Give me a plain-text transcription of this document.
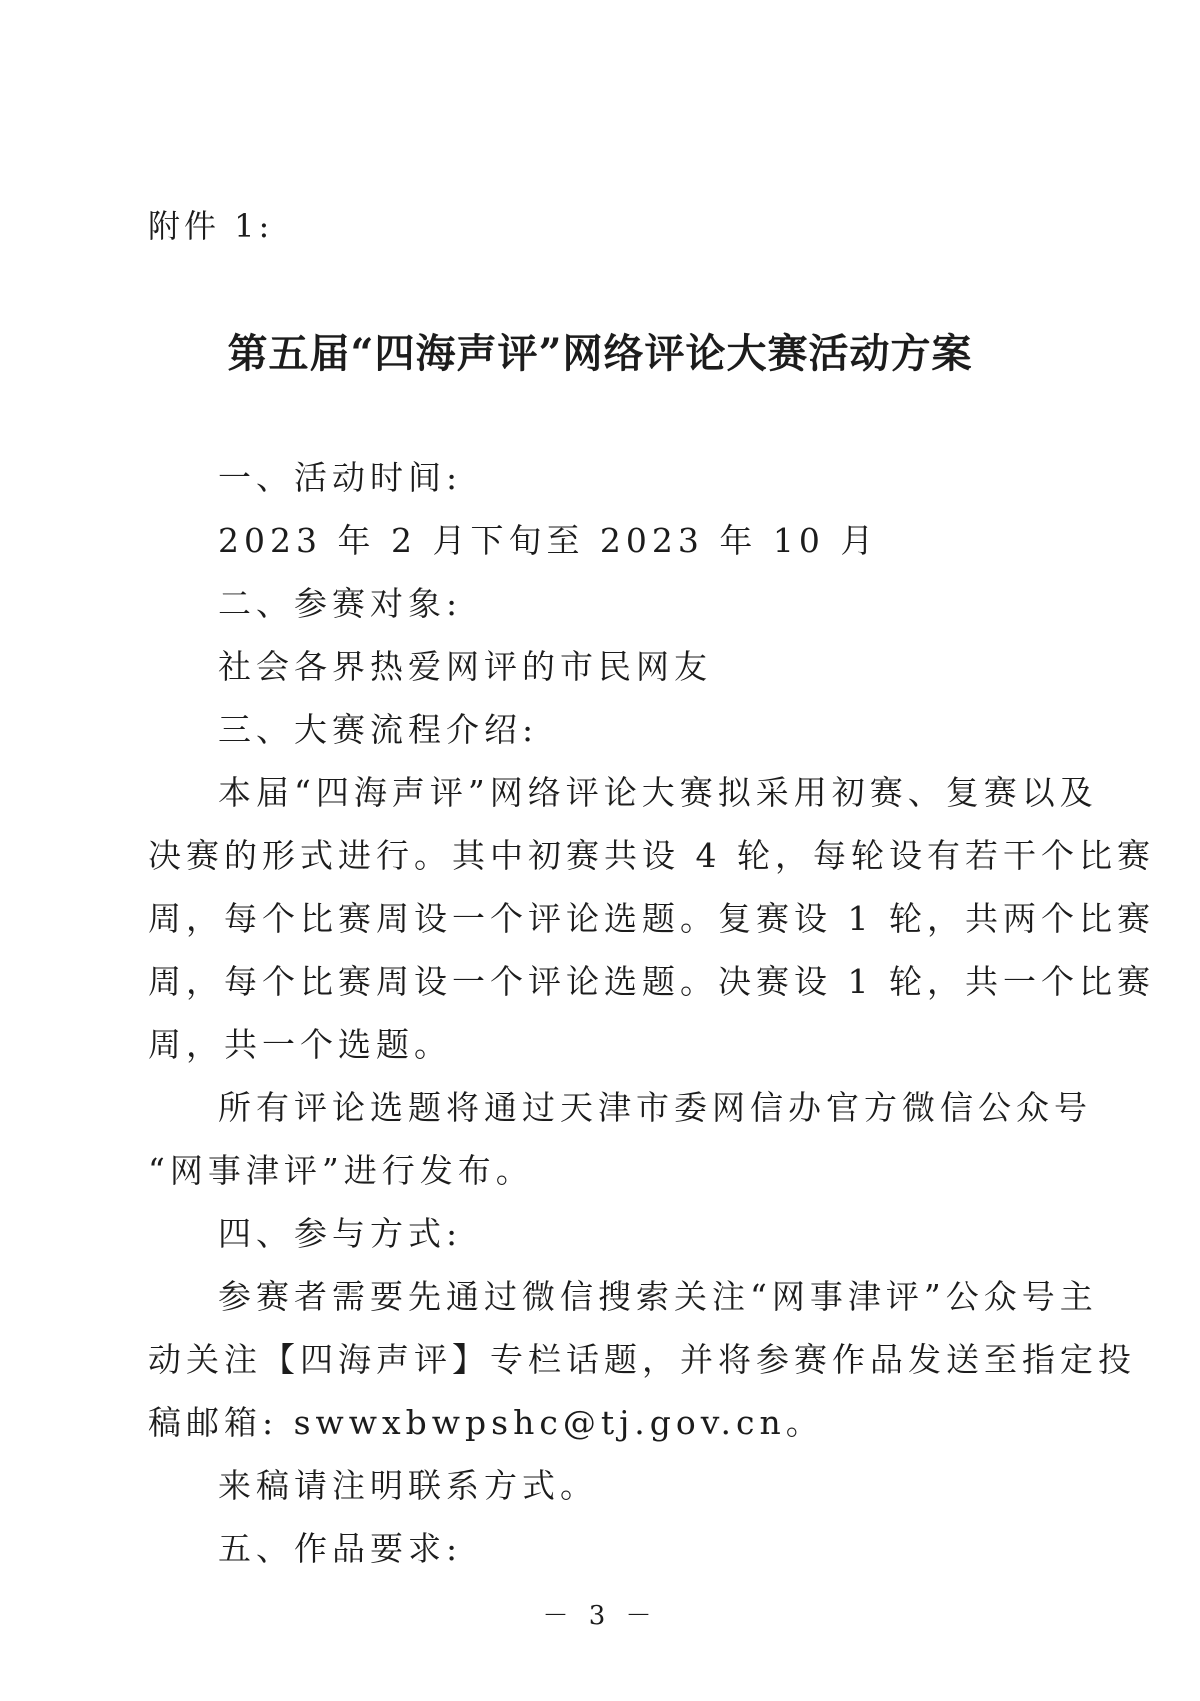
附件 1:
第五届“四海声评”网络评论大赛活动方案
一、活动时间:
2023 年 2 月下旬至 2023 年 10 月
二、参赛对象:
社会各界热爱网评的市民网友
三、大赛流程介绍:
本届“四海声评”网络评论大赛拟采用初赛、复赛以及
决赛的形式进行。其中初赛共设 4 轮，每轮设有若干个比赛
周，每个比赛周设一个评论选题。复赛设 1 轮，共两个比赛
周，每个比赛周设一个评论选题。决赛设 1 轮，共一个比赛
周，共一个选题。
所有评论选题将通过天津市委网信办官方微信公众号
“网事津评”进行发布。
四、参与方式:
参赛者需要先通过微信搜索关注“网事津评”公众号主
动关注【四海声评】专栏话题，并将参赛作品发送至指定投
稿邮箱: swwxbwpshc@tj.gov.cn。
来稿请注明联系方式。
五、作品要求:
－ 3 －
